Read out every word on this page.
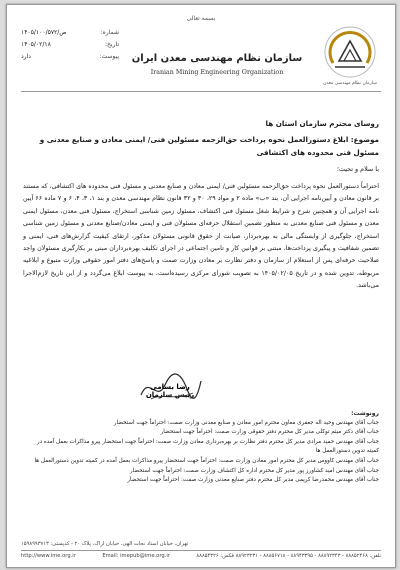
بسمه تعالی
شماره:
۱۴۰۵/ص/۱۰۰/۵۷۲
تاریخ:
۱۴۰۵/۰۲/۱۸
پیوست:
دارد	سازمان نظام مهندسی معدن ایران
Iranian Mining Engineering Organization
سازمان نظام مهندسی معدن
روسای محترم سازمان استان ها
موضوع: ابلاغ دستورالعمل نحوه پرداخت حق‌الزحمه مسئولین فنی/ ایمنی معادن و صنایع معدنی و مسئول فنی محدوده های اکتشافی
با سلام و تحیت؛
احتراماً دستورالعمل نحوه پرداخت حق‌الزحمه مسئولین فنی/ ایمنی معادن و صنایع معدنی و مسئول فنی محدوده های اکتشافی، که مستند بر قانون معادن و آیین‌نامه اجرایی آن، بند «ب» ماده ۲ و مواد ۲۹، ۳۰ و ۳۲ قانون نظام مهندسی معدن و بند ۱، ۳، ۴، ۶ و ۷ ماده ۶۶ آیین نامه اجرایی آن و همچنین شرح و شرایط شغل مسئول فنی اکتشاف، مسئول زمین شناسی استخراج، مسئول فنی معدن، مسئول ایمنی معدن و مسئول فنی صنایع معدنی به منظور تضمین استقلال حرفه‌ای مسئولان فنی و ایمنی معادن/صنایع معدنی و مسئول زمین شناسی استخراج، جلوگیری از وابستگی مالی به بهره‌بردار، صیانت از حقوق قانونی مسئولان مذکور، ارتقای کیفیت گزارش‌های فنی، ایمنی و تضمین شفافیت و پیگیری پرداخت‌ها، مبتنی بر قوانین کار و تامین اجتماعی در اجرای تکلیف بهره‌برداران مبنی بر بکارگیری مسئولان واجد صلاحیت حرفه‌ای پس از استعلام از سازمان و دفتر نظارت بر معادن وزارت صمت و پاسخ‌های دفتر امور حقوقی وزارت متبوع و ابلاغیه مربوطه، تدوین شده و در تاریخ ۱۴۰۵/۰۲/۰۵ به تصویب شورای مرکزی رسیده‌است، به پیوست ابلاغ می‌گردد و از این تاریخ لازم‌الاجرا می‌باشد.
رضا بسامی
رییس سازمان
رونوشت:
جناب آقای مهندس وحید اله جعفری معاون محترم امور معادن و صنایع معدنی وزارت صمت: احتراماً جهت استحضار
جناب آقای دکتر میثم توکلی مدیر کل محترم دفتر حقوقی وزارت صمت: احتراماً جهت استحضار
جناب آقای مهندس حمید مرادی مدیر کل محترم دفتر نظارت بر بهره‌برداری معادن وزارت صمت: احتراماً جهت استحضار پیرو مذاکرات بعمل آمده در کمیته تدوین دستورالعمل ها
جناب آقای مهندس کاووس مدیر کل محترم امور معادن وزارت صمت: احتراماً جهت استحضار پیرو مذاکرات بعمل آمده در کمیته تدوین دستورالعمل ها
جناب آقای مهندس امید کشاورز پور مدیر کل محترم اداره کل اکتشاف وزارت صمت: احتراماً جهت استحضار
جناب آقای مهندس محمدرضا کریمی مدیر کل محترم دفتر صنایع معدنی وزارت صمت: احتراماً جهت استحضار
تهران، خیابان استاد نجات الهی، خیابان اراک، پلاک ۲۰ - کدپستی: ۱۵۹۸۹۹۳۷۱۳
http://www.ime.org.ir	Email: imepub@ime.org.ir	تلفن: ۸۸۸۵۲۴۶۸ - ۸۸۸۹۲۳۴۳ - ۸۸۹۴۳۳۹۵ - ۸۸۸۵۶۷۱۸ - ۸۸۹۲۳۲۳۱ فکس: ۸۸۸۵۴۳۲۶
